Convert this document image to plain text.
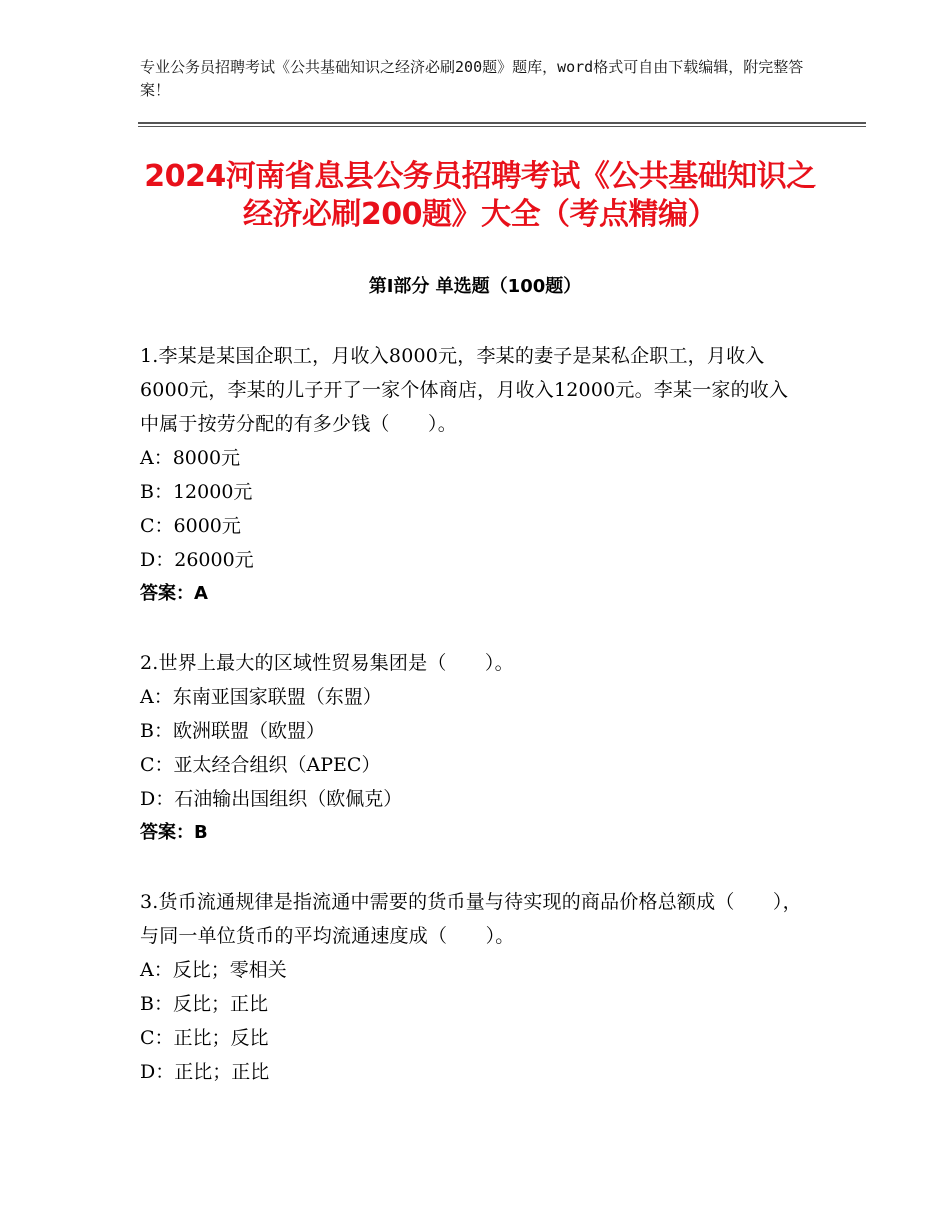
专业公务员招聘考试《公共基础知识之经济必刷200题》题库，word格式可自由下载编辑，附完整答案！
2024河南省息县公务员招聘考试《公共基础知识之经济必刷200题》大全（考点精编）
第Ⅰ部分 单选题（100题）

1.李某是某国企职工，月收入8000元，李某的妻子是某私企职工，月收入6000元，李某的儿子开了一家个体商店，月收入12000元。李某一家的收入中属于按劳分配的有多少钱（　　）。

A：8000元

B：12000元

C：6000元

D：26000元

答案：A

2.世界上最大的区域性贸易集团是（　　）。

A：东南亚国家联盟（东盟）

B：欧洲联盟（欧盟）

C：亚太经合组织（APEC）

D：石油输出国组织（欧佩克）

答案：B

3.货币流通规律是指流通中需要的货币量与待实现的商品价格总额成（　　），与同一单位货币的平均流通速度成（　　）。

A：反比；零相关

B：反比；正比

C：正比；反比

D：正比；正比
